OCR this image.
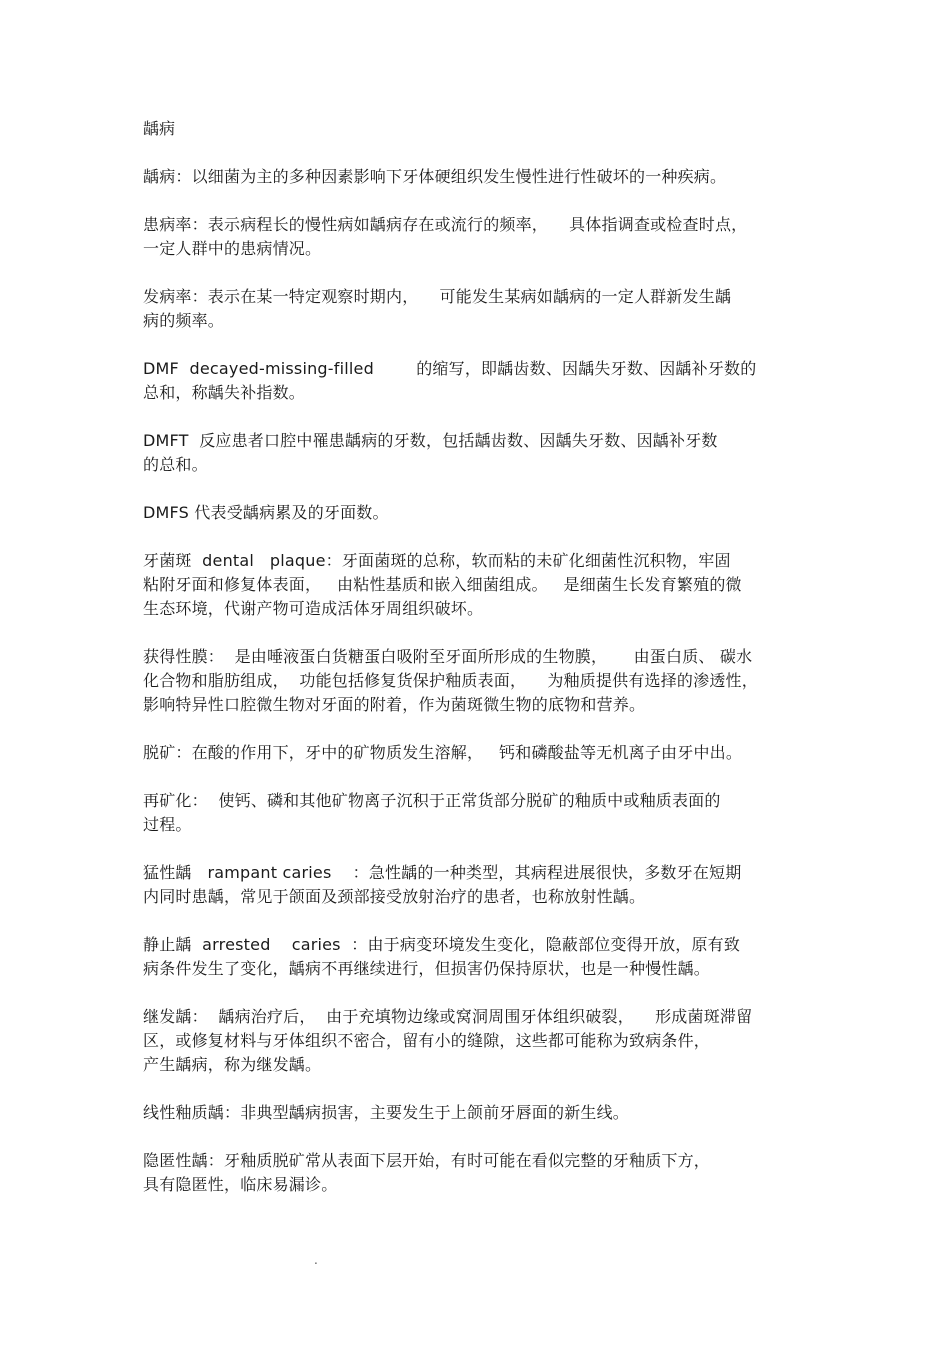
龋病
龋病：以细菌为主的多种因素影响下牙体硬组织发生慢性进行性破坏的一种疾病。
患病率：表示病程长的慢性病如龋病存在或流行的频率，    具体指调查或检查时点，
一定人群中的患病情况。
发病率：表示在某一特定观察时期内，    可能发生某病如龋病的一定人群新发生龋
病的频率。
DMF  decayed-missing-filled        的缩写，即龋齿数、因龋失牙数、因龋补牙数的
总和，称龋失补指数。
DMFT  反应患者口腔中罹患龋病的牙数，包括龋齿数、因龋失牙数、因龋补牙数
的总和。
DMFS 代表受龋病累及的牙面数。
牙菌斑  dental   plaque：牙面菌斑的总称，软而粘的未矿化细菌性沉积物，牢固
粘附牙面和修复体表面，   由粘性基质和嵌入细菌组成。   是细菌生长发育繁殖的微
生态环境，代谢产物可造成活体牙周组织破坏。
获得性膜：  是由唾液蛋白货糖蛋白吸附至牙面所形成的生物膜，     由蛋白质、 碳水
化合物和脂肪组成，  功能包括修复货保护釉质表面，    为釉质提供有选择的渗透性，
影响特异性口腔微生物对牙面的附着，作为菌斑微生物的底物和营养。
脱矿：在酸的作用下，牙中的矿物质发生溶解，   钙和磷酸盐等无机离子由牙中出。
再矿化：  使钙、磷和其他矿物离子沉积于正常货部分脱矿的釉质中或釉质表面的
过程。
猛性龋   rampant caries    ：急性龋的一种类型，其病程进展很快，多数牙在短期
内同时患龋，常见于颌面及颈部接受放射治疗的患者，也称放射性龋。
静止龋  arrested    caries  ：由于病变环境发生变化，隐蔽部位变得开放，原有致
病条件发生了变化，龋病不再继续进行，但损害仍保持原状，也是一种慢性龋。
继发龋：  龋病治疗后，  由于充填物边缘或窝洞周围牙体组织破裂，    形成菌斑滞留
区，或修复材料与牙体组织不密合，留有小的缝隙，这些都可能称为致病条件，
产生龋病，称为继发龋。
线性釉质龋：非典型龋病损害，主要发生于上颌前牙唇面的新生线。
隐匿性龋：牙釉质脱矿常从表面下层开始，有时可能在看似完整的牙釉质下方，
具有隐匿性，临床易漏诊。
.
